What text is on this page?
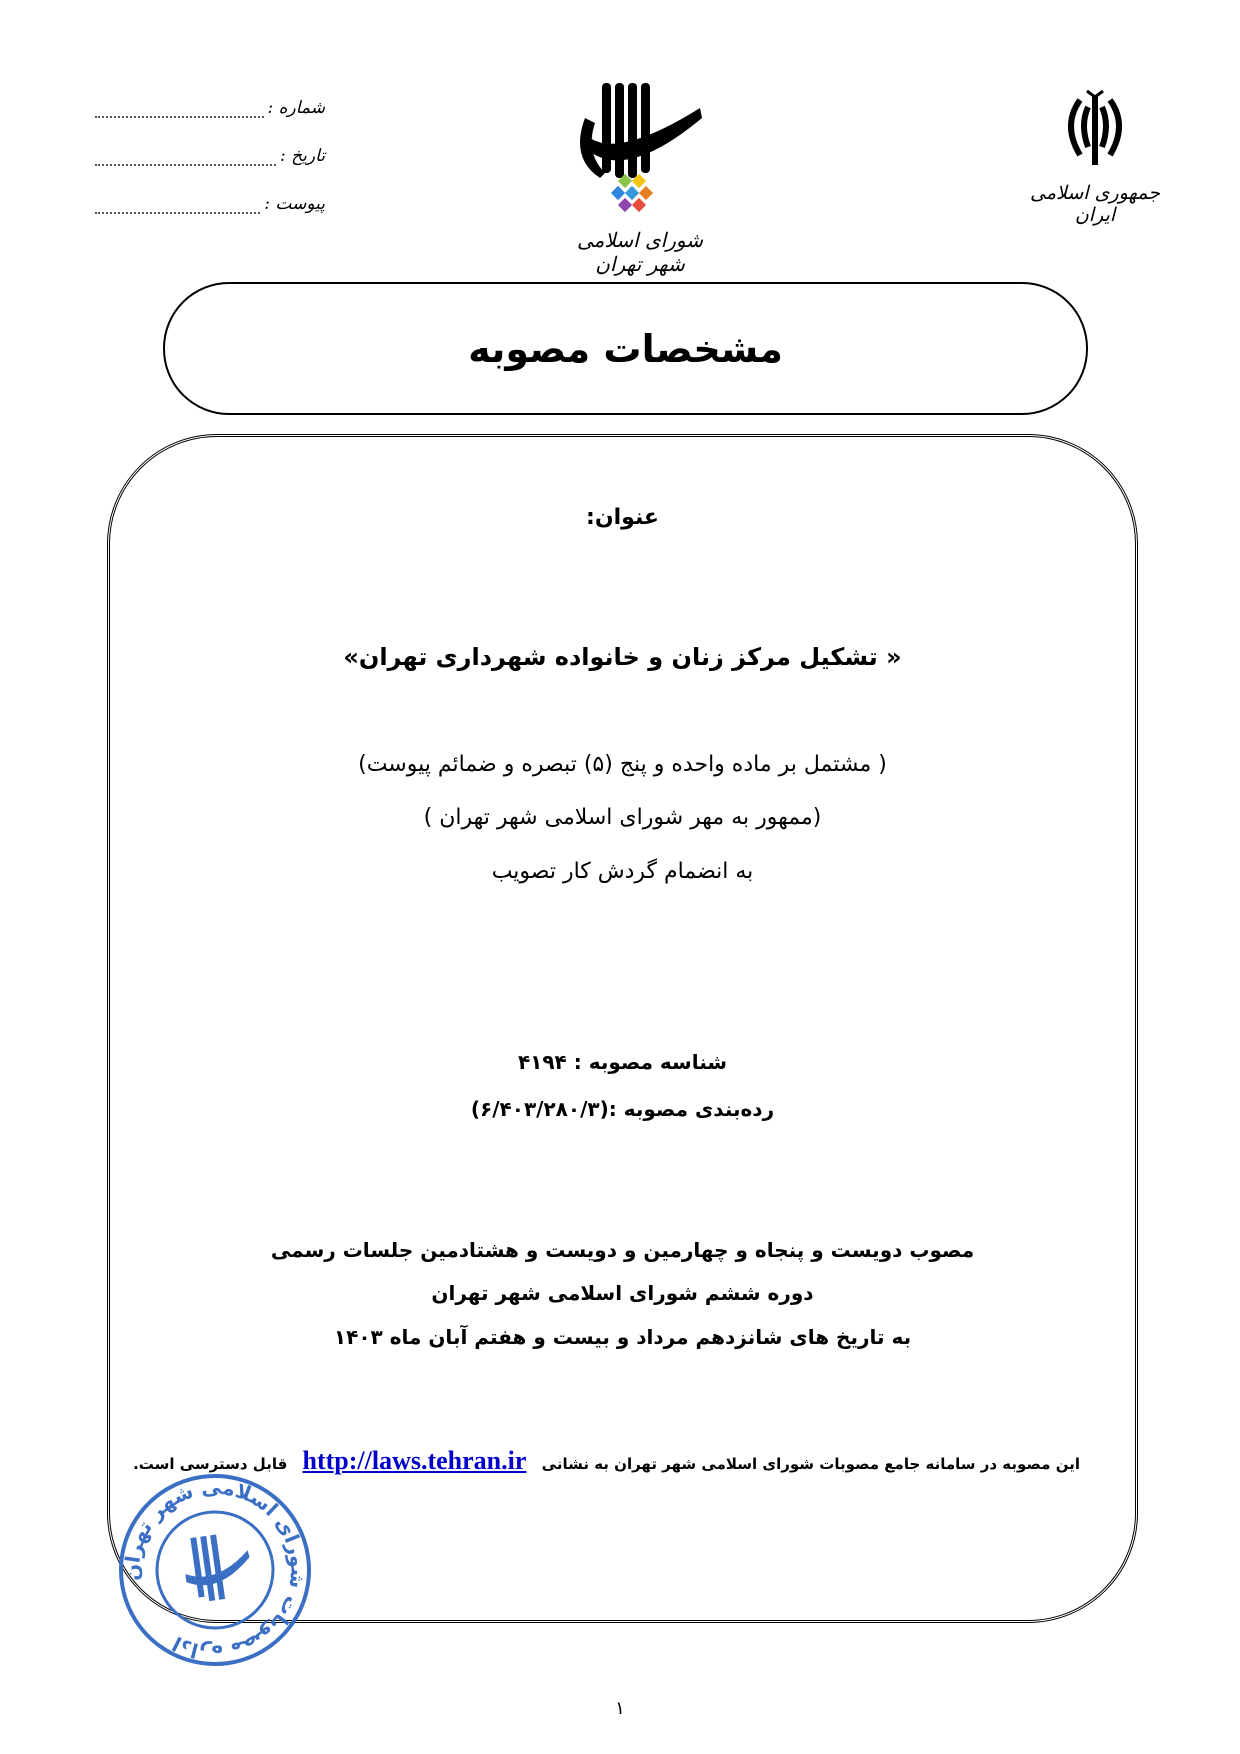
شماره :
تاریخ :
پیوست :
شورای اسلامی شهر تهران
جمهوری اسلامی ایران
مشخصات مصوبه
عنوان:
« تشکیل مرکز زنان و خانواده شهرداری تهران»
( مشتمل بر ماده واحده و پنج (۵) تبصره و ضمائم پیوست)
(ممهور به مهر شورای اسلامی شهر تهران )
به انضمام گردش کار تصویب
شناسه مصوبه : ۴۱۹۴
رده‌بندی مصوبه :(۶/۴۰۳/۲۸۰/۳)
مصوب دویست و پنجاه و چهارمین و دویست و هشتادمین جلسات رسمی
دوره ششم شورای اسلامی شهر تهران
به تاریخ های شانزدهم مرداد و بیست و هفتم آبان ماه ۱۴۰۳
این مصوبه در سامانه جامع مصوبات شورای اسلامی شهر تهران به نشانی http://laws.tehran.ir قابل دسترسی است.
اداره مصوبات شورای اسلامی شهر تهران
۱
